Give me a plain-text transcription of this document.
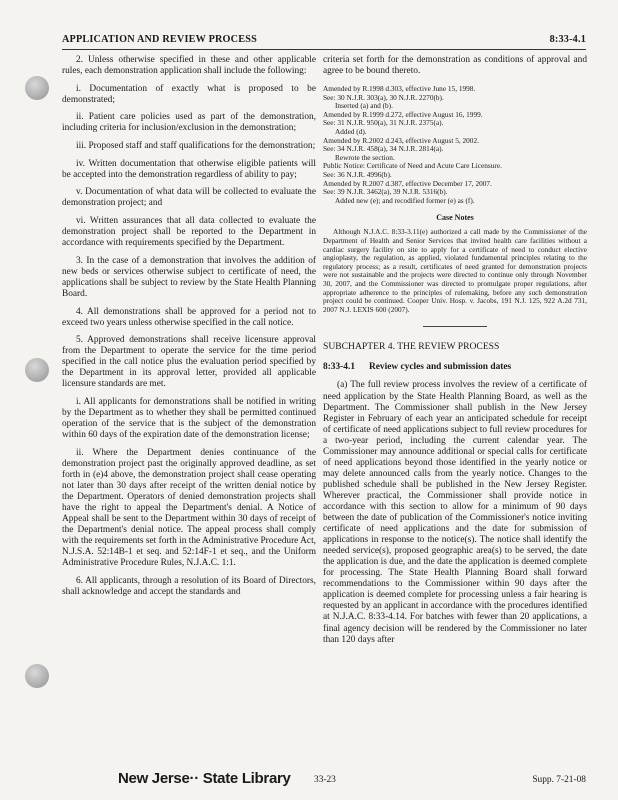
APPLICATION AND REVIEW PROCESS	8:33-4.1

2. Unless otherwise specified in these and other applicable rules, each demonstration application shall include the following:

i. Documentation of exactly what is proposed to be demonstrated;

ii. Patient care policies used as part of the demonstration, including criteria for inclusion/exclusion in the demonstration;

iii. Proposed staff and staff qualifications for the demonstration;

iv. Written documentation that otherwise eligible patients will be accepted into the demonstration regardless of ability to pay;

v. Documentation of what data will be collected to evaluate the demonstration project; and

vi. Written assurances that all data collected to evaluate the demonstration project shall be reported to the Department in accordance with requirements specified by the Department.

3. In the case of a demonstration that involves the addition of new beds or services otherwise subject to certificate of need, the applications shall be subject to review by the State Health Planning Board.

4. All demonstrations shall be approved for a period not to exceed two years unless otherwise specified in the call notice.

5. Approved demonstrations shall receive licensure approval from the Department to operate the service for the time period specified in the call notice plus the evaluation period specified by the Department in its approval letter, provided all applicable licensure standards are met.

i. All applicants for demonstrations shall be notified in writing by the Department as to whether they shall be permitted continued operation of the service that is the subject of the demonstration within 60 days of the expiration date of the demonstration license;

ii. Where the Department denies continuance of the demonstration project past the originally approved deadline, as set forth in (e)4 above, the demonstration project shall cease operating not later than 30 days after receipt of the written denial notice by the Department. Operators of denied demonstration projects shall have the right to appeal the Department's denial. A Notice of Appeal shall be sent to the Department within 30 days of receipt of the Department's denial notice. The appeal process shall comply with the requirements set forth in the Administrative Procedure Act, N.J.S.A. 52:14B-1 et seq. and 52:14F-1 et seq., and the Uniform Administrative Procedure Rules, N.J.A.C. 1:1.

6. All applicants, through a resolution of its Board of Directors, shall acknowledge and accept the standards and

criteria set forth for the demonstration as conditions of approval and agree to be bound thereto.

Amended by R.1998 d.303, effective June 15, 1998.
See: 30 N.J.R. 303(a), 30 N.J.R. 2270(b).
Inserted (a) and (b).
Amended by R.1999 d.272, effective August 16, 1999.
See: 31 N.J.R. 950(a), 31 N.J.R. 2375(a).
Added (d).
Amended by R.2002 d.243, effective August 5, 2002.
See: 34 N.J.R. 458(a), 34 N.J.R. 2814(a).
Rewrote the section.
Public Notice: Certificate of Need and Acute Care Licensure.
See: 36 N.J.R. 4996(b).
Amended by R.2007 d.387, effective December 17, 2007.
See: 39 N.J.R. 3462(a), 39 N.J.R. 5316(b).
Added new (e); and recodified former (e) as (f).
Case Notes
Although N.J.A.C. 8:33-3.11(e) authorized a call made by the Commissioner of the Department of Health and Senior Services that invited health care facilities without a cardiac surgery facility on site to apply for a certificate of need to conduct elective angioplasty, the regulation, as applied, violated fundamental principles relating to the regulatory process; as a result, certificates of need granted for demonstration projects were not sustainable and the projects were directed to continue only through November 30, 2007, and the Commissioner was directed to promulgate proper regulations, after appropriate adherence to the principles of rulemaking, before any such demonstration project could be continued. Cooper Univ. Hosp. v. Jacobs, 191 N.J. 125, 922 A.2d 731, 2007 N.J. LEXIS 600 (2007).
SUBCHAPTER 4. THE REVIEW PROCESS
8:33-4.1 Review cycles and submission dates

(a) The full review process involves the review of a certificate of need application by the State Health Planning Board, as well as the Department. The Commissioner shall publish in the New Jersey Register in February of each year an anticipated schedule for receipt of certificate of need applications subject to full review procedures for a two-year period, including the current calendar year. The Commissioner may announce additional or special calls for certificate of need applications beyond those identified in the yearly notice or may delete announced calls from the yearly notice. Changes to the published schedule shall be published in the New Jersey Register. Wherever practical, the Commissioner shall provide notice in accordance with this section to allow for a minimum of 90 days between the date of publication of the Commissioner's notice inviting certificate of need applications and the date for submission of applications in response to the notice(s). The notice shall identify the needed service(s), proposed geographic area(s) to be served, the date the application is due, and the date the application is deemed complete for processing. The State Health Planning Board shall forward recommendations to the Commissioner within 90 days after the application is deemed complete for processing unless a fair hearing is requested by an applicant in accordance with the procedures identified at N.J.A.C. 8:33-4.14. For batches with fewer than 20 applications, a final agency decision will be rendered by the Commissioner no later than 120 days after

New Jerse·· State Library 33-23	Supp. 7-21-08
